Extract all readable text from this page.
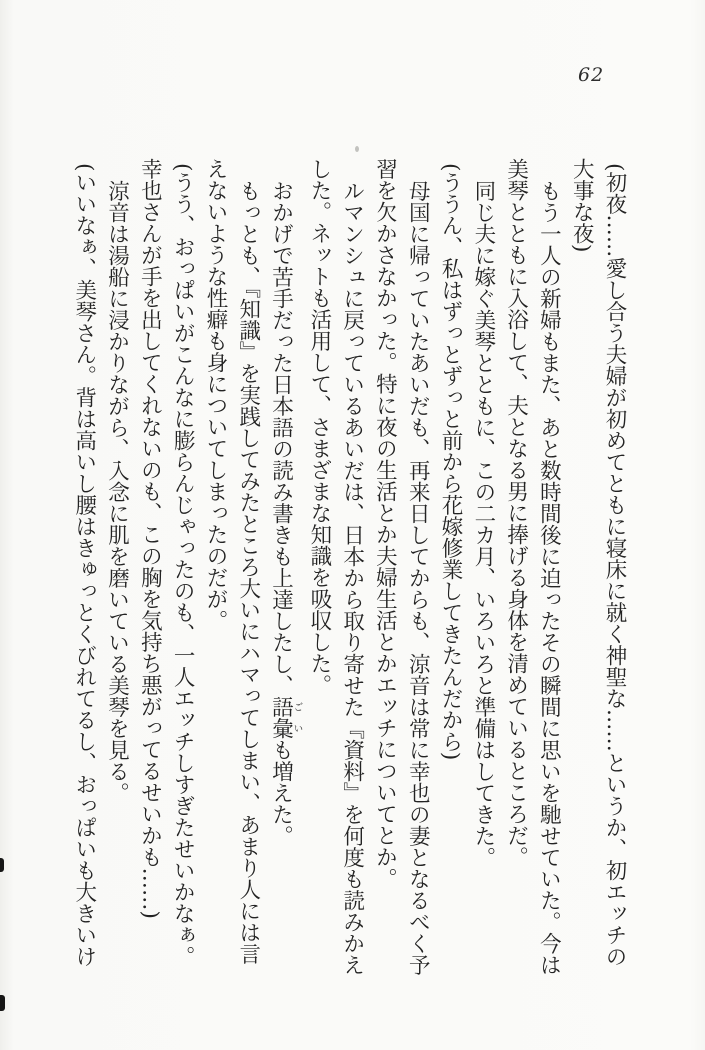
62
(初夜……愛し合う夫婦が初めてともに寝床に就く神聖な……というか、初エッチの
大事な夜)
もう一人の新婦もまた、あと数時間後に迫ったその瞬間に思いを馳せていた。今は
美琴とともに入浴して、夫となる男に捧げる身体を清めているところだ。
同じ夫に嫁ぐ美琴とともに、この二カ月、いろいろと準備はしてきた。
(ううん、私はずっとずっと前から花嫁修業してきたんだから)
母国に帰っていたあいだも、再来日してからも、涼音は常に幸也の妻となるべく予
習を欠かさなかった。特に夜の生活とか夫婦生活とかエッチについてとか。
ルマンシュに戻っているあいだは、日本から取り寄せた『資料』を何度も読みかえ
した。ネットも活用して、さまざまな知識を吸収した。
おかげで苦手だった日本語の読み書きも上達したし、語彙ごいも増えた。
もっとも、『知識』を実践してみたところ大いにハマってしまい、あまり人には言
えないような性癖も身についてしまったのだが。
(うう、おっぱいがこんなに膨らんじゃったのも、一人エッチしすぎたせいかなぁ。
幸也さんが手を出してくれないのも、この胸を気持ち悪がってるせいかも……)
涼音は湯船に浸かりながら、入念に肌を磨いている美琴を見る。
(いいなぁ、美琴さん。背は高いし腰はきゅっとくびれてるし、おっぱいも大きいけ
